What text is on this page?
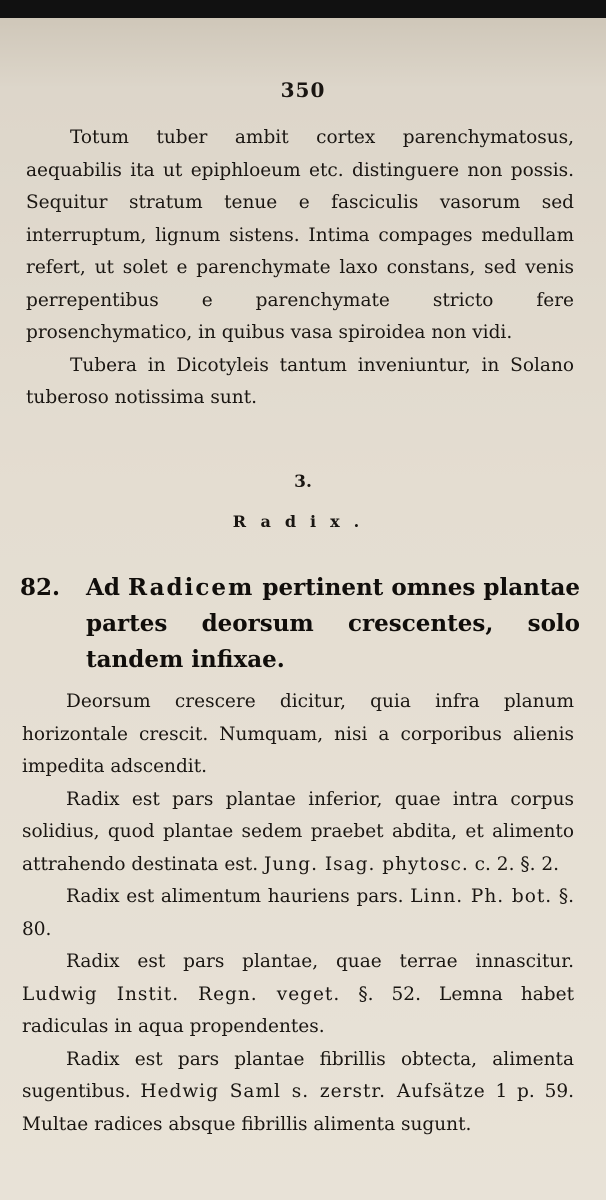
350

Totum tuber ambit cortex parenchymatosus, aequabilis ita ut epiphloeum etc. distinguere non possis. Sequitur stratum tenue e fasciculis vasorum sed interruptum, lignum sistens. Intima compages medullam refert, ut solet e parenchymate laxo constans, sed venis perrepentibus e parenchymate stricto fere prosenchymatico, in quibus vasa spiroidea non vidi.

Tubera in Dicotyleis tantum inveniuntur, in Solano tuberoso notissima sunt.

3.
Radix.
82. Ad Radicem pertinent omnes plantae partes deorsum crescentes, solo tandem infixae.

Deorsum crescere dicitur, quia infra planum horizontale crescit. Numquam, nisi a corporibus alienis impedita adscendit.

Radix est pars plantae inferior, quae intra corpus solidius, quod plantae sedem praebet abdita, et alimento attrahendo destinata est. Jung. Isag. phytosc. c. 2. §. 2.

Radix est alimentum hauriens pars. Linn. Ph. bot. §. 80.

Radix est pars plantae, quae terrae innascitur. Ludwig Instit. Regn. veget. §. 52. Lemna habet radiculas in aqua propendentes.

Radix est pars plantae fibrillis obtecta, alimenta sugentibus. Hedwig Saml s. zerstr. Aufsätze 1 p. 59. Multae radices absque fibrillis alimenta sugunt.
